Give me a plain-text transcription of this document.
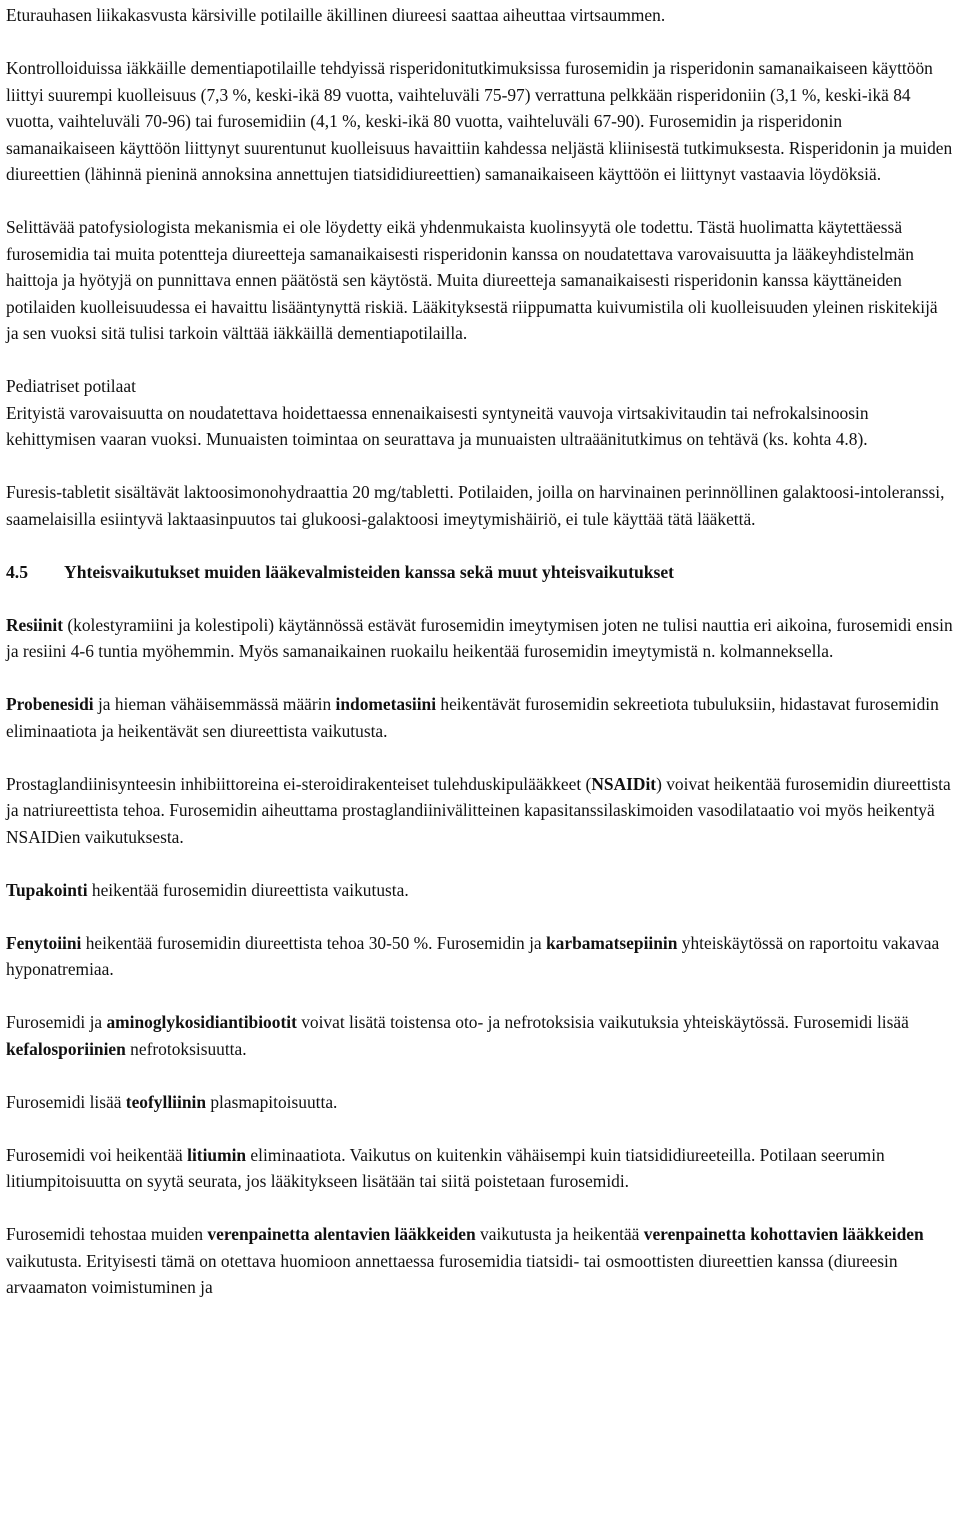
Eturauhasen liikakasvusta kärsiville potilaille äkillinen diureesi saattaa aiheuttaa virtsaummen.

Kontrolloiduissa iäkkäille dementiapotilaille tehdyissä risperidonitutkimuksissa furosemidin ja risperidonin samanaikaiseen käyttöön liittyi suurempi kuolleisuus (7,3 %, keski-ikä 89 vuotta, vaihteluväli 75-97) verrattuna pelkkään risperidoniin (3,1 %, keski-ikä 84 vuotta, vaihteluväli 70-96) tai furosemidiin (4,1 %, keski-ikä 80 vuotta, vaihteluväli 67-90). Furosemidin ja risperidonin samanaikaiseen käyttöön liittynyt suurentunut kuolleisuus havaittiin kahdessa neljästä kliinisestä tutkimuksesta. Risperidonin ja muiden diureettien (lähinnä pieninä annoksina annettujen tiatsididiureettien) samanaikaiseen käyttöön ei liittynyt vastaavia löydöksiä.

Selittävää patofysiologista mekanismia ei ole löydetty eikä yhdenmukaista kuolinsyytä ole todettu. Tästä huolimatta käytettäessä furosemidia tai muita potentteja diureetteja samanaikaisesti risperidonin kanssa on noudatettava varovaisuutta ja lääkeyhdistelmän haittoja ja hyötyjä on punnittava ennen päätöstä sen käytöstä. Muita diureetteja samanaikaisesti risperidonin kanssa käyttäneiden potilaiden kuolleisuudessa ei havaittu lisääntynyttä riskiä. Lääkityksestä riippumatta kuivumistila oli kuolleisuuden yleinen riskitekijä ja sen vuoksi sitä tulisi tarkoin välttää iäkkäillä dementiapotilailla.

Pediatriset potilaat

Erityistä varovaisuutta on noudatettava hoidettaessa ennenaikaisesti syntyneitä vauvoja virtsakivitaudin tai nefrokalsinoosin kehittymisen vaaran vuoksi. Munuaisten toimintaa on seurattava ja munuaisten ultraäänitutkimus on tehtävä (ks. kohta 4.8).

Furesis-tabletit sisältävät laktoosimonohydraattia 20 mg/tabletti. Potilaiden, joilla on harvinainen perinnöllinen galaktoosi-intoleranssi, saamelaisilla esiintyvä laktaasinpuutos tai glukoosi-galaktoosi imeytymishäiriö, ei tule käyttää tätä lääkettä.

4.5 Yhteisvaikutukset muiden lääkevalmisteiden kanssa sekä muut yhteisvaikutukset

Resiinit (kolestyramiini ja kolestipoli) käytännössä estävät furosemidin imeytymisen joten ne tulisi nauttia eri aikoina, furosemidi ensin ja resiini 4-6 tuntia myöhemmin. Myös samanaikainen ruokailu heikentää furosemidin imeytymistä n. kolmanneksella.

Probenesidi ja hieman vähäisemmässä määrin indometasiini heikentävät furosemidin sekreetiota tubuluksiin, hidastavat furosemidin eliminaatiota ja heikentävät sen diureettista vaikutusta.

Prostaglandiinisynteesin inhibiittoreina ei-steroidirakenteiset tulehduskipulääkkeet (NSAIDit) voivat heikentää furosemidin diureettista ja natriureettista tehoa. Furosemidin aiheuttama prostaglandiinivälitteinen kapasitanssilaskimoiden vasodilataatio voi myös heikentyä NSAIDien vaikutuksesta.

Tupakointi heikentää furosemidin diureettista vaikutusta.

Fenytoiini heikentää furosemidin diureettista tehoa 30-50 %. Furosemidin ja karbamatsepiinin yhteiskäytössä on raportoitu vakavaa hyponatremiaa.

Furosemidi ja aminoglykosidiantibiootit voivat lisätä toistensa oto- ja nefrotoksisia vaikutuksia yhteiskäytössä. Furosemidi lisää kefalosporiinien nefrotoksisuutta.

Furosemidi lisää teofylliinin plasmapitoisuutta.

Furosemidi voi heikentää litiumin eliminaatiota. Vaikutus on kuitenkin vähäisempi kuin tiatsididiureeteilla. Potilaan seerumin litiumpitoisuutta on syytä seurata, jos lääkitykseen lisätään tai siitä poistetaan furosemidi.

Furosemidi tehostaa muiden verenpainetta alentavien lääkkeiden vaikutusta ja heikentää verenpainetta kohottavien lääkkeiden vaikutusta. Erityisesti tämä on otettava huomioon annettaessa furosemidia tiatsidi- tai osmoottisten diureettien kanssa (diureesin arvaamaton voimistuminen ja
